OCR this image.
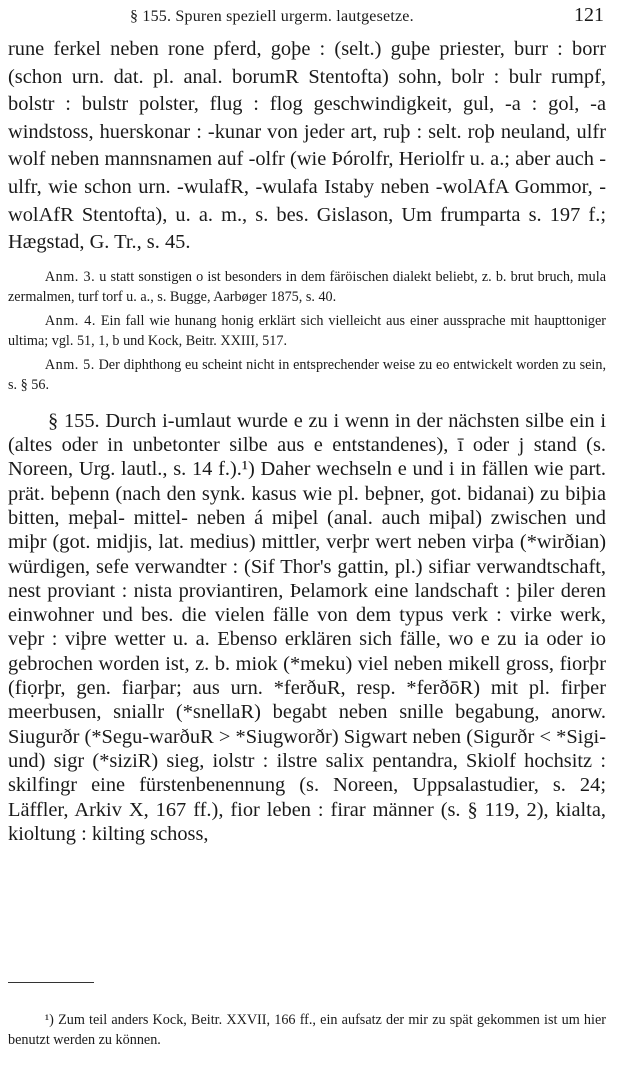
§ 155. Spuren speziell urgerm. lautgesetze.	121

rune ferkel neben rone pferd, goþe : (selt.) guþe priester, burr : borr (schon urn. dat. pl. anal. borumR Stentofta) sohn, bolr : bulr rumpf, bolstr : bulstr polster, flug : flog geschwindigkeit, gul, -a : gol, -a windstoss, huerskonar : -kunar von jeder art, ruþ : selt. roþ neuland, ulfr wolf neben mannsnamen auf -olfr (wie Þórolfr, Heriolfr u. a.; aber auch -ulfr, wie schon urn. -wulafR, -wulafa Istaby neben -wolAfA Gommor, -wolAfR Stentofta), u. a. m., s. bes. Gislason, Um frumparta s. 197 f.; Hægstad, G. Tr., s. 45.

Anm. 3. u statt sonstigen o ist besonders in dem färöischen dialekt beliebt, z. b. brut bruch, mula zermalmen, turf torf u. a., s. Bugge, Aarbøger 1875, s. 40.

Anm. 4. Ein fall wie hunang honig erklärt sich vielleicht aus einer aussprache mit haupttoniger ultima; vgl. 51, 1, b und Kock, Beitr. XXIII, 517.

Anm. 5. Der diphthong eu scheint nicht in entsprechender weise zu eo entwickelt worden zu sein, s. § 56.

§ 155. Durch i-umlaut wurde e zu i wenn in der nächsten silbe ein i (altes oder in unbetonter silbe aus e entstandenes), ī oder j stand (s. Noreen, Urg. lautl., s. 14 f.).¹) Daher wechseln e und i in fällen wie part. prät. beþenn (nach den synk. kasus wie pl. beþner, got. bidanai) zu biþia bitten, meþal- mittel- neben á miþel (anal. auch miþal) zwischen und miþr (got. midjis, lat. medius) mittler, verþr wert neben virþa (*wirðian) würdigen, sefe verwandter : (Sif Thor's gattin, pl.) sifiar verwandtschaft, nest proviant : nista proviantiren, Þelamork eine landschaft : þiler deren einwohner und bes. die vielen fälle von dem typus verk : virke werk, veþr : viþre wetter u. a. Ebenso erklären sich fälle, wo e zu ia oder io gebrochen worden ist, z. b. miok (*meku) viel neben mikell gross, fiorþr (fiọrþr, gen. fiarþar; aus urn. *ferðuR, resp. *ferðōR) mit pl. firþer meerbusen, sniallr (*snellaR) begabt neben snille begabung, anorw. Siugurðr (*Segu-warðuR > *Siugworðr) Sigwart neben (Sigurðr < *Sigi- und) sigr (*siziR) sieg, iolstr : ilstre salix pentandra, Skiolf hochsitz : skilfingr eine fürstenbenennung (s. Noreen, Uppsalastudier, s. 24; Läffler, Arkiv X, 167 ff.), fior leben : firar männer (s. § 119, 2), kialta, kioltung : kilting schoss,

¹) Zum teil anders Kock, Beitr. XXVII, 166 ff., ein aufsatz der mir zu spät gekommen ist um hier benutzt werden zu können.
